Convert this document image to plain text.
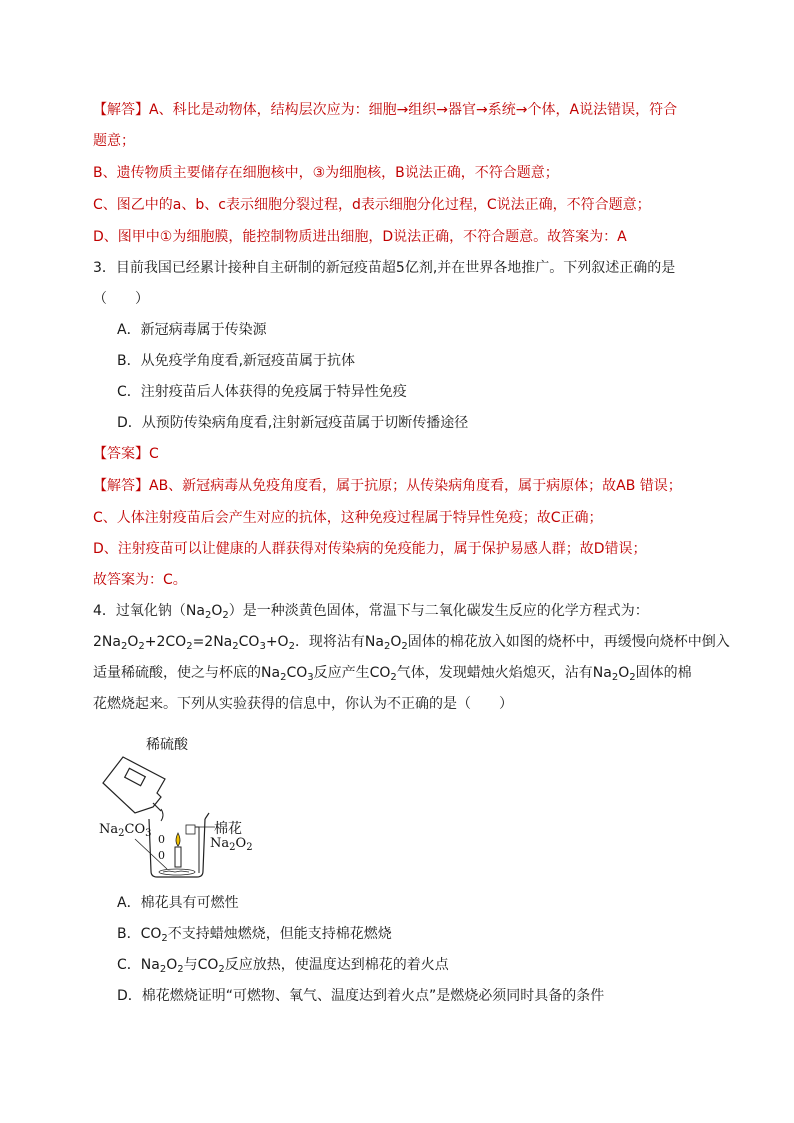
【解答】A、科比是动物体，结构层次应为：细胞→组织→器官→系统→个体，A说法错误，符合
题意；
B、遗传物质主要储存在细胞核中，③为细胞核，B说法正确，不符合题意；
C、图乙中的a、b、c表示细胞分裂过程，d表示细胞分化过程，C说法正确，不符合题意；
D、图甲中①为细胞膜，能控制物质进出细胞，D说法正确，不符合题意。故答案为：A
3．目前我国已经累计接种自主研制的新冠疫苗超5亿剂,并在世界各地推广。下列叙述正确的是
（　　）
A．新冠病毒属于传染源
B．从免疫学角度看,新冠疫苗属于抗体
C．注射疫苗后人体获得的免疫属于特异性免疫
D．从预防传染病角度看,注射新冠疫苗属于切断传播途径
【答案】C
【解答】AB、新冠病毒从免疫角度看，属于抗原；从传染病角度看，属于病原体；故AB 错误；
C、人体注射疫苗后会产生对应的抗体，这种免疫过程属于特异性免疫；故C正确；
D、注射疫苗可以让健康的人群获得对传染病的免疫能力，属于保护易感人群；故D错误；
故答案为：C。
4．过氧化钠$(Na_2O_2)$是一种淡黄色固体，常温下与二氧化碳发生反应的化学方程式为：
$2Na_2O_2+2CO_2=2Na_2CO_3+O_2$．现将沾有$Na_2O_2$固体的棉花放入如图的烧杯中，再缓慢向烧杯中倒入
适量稀硫酸，使之与杯底的$Na_2CO_3$反应产生$CO_2$气体，发现蜡烛火焰熄灭，沾有$Na_2O_2$固体的棉
花燃烧起来。下列从实验获得的信息中，你认为不正确的是（　　）
0
0
稀硫酸
$Na_2CO_3$	棉花
$Na_2O_2$
A．棉花具有可燃性
B．$CO_2$不支持蜡烛燃烧，但能支持棉花燃烧
C．$Na_2O_2$与$CO_2$反应放热，使温度达到棉花的着火点
D．棉花燃烧证明“可燃物、氧气、温度达到着火点”是燃烧必须同时具备的条件
